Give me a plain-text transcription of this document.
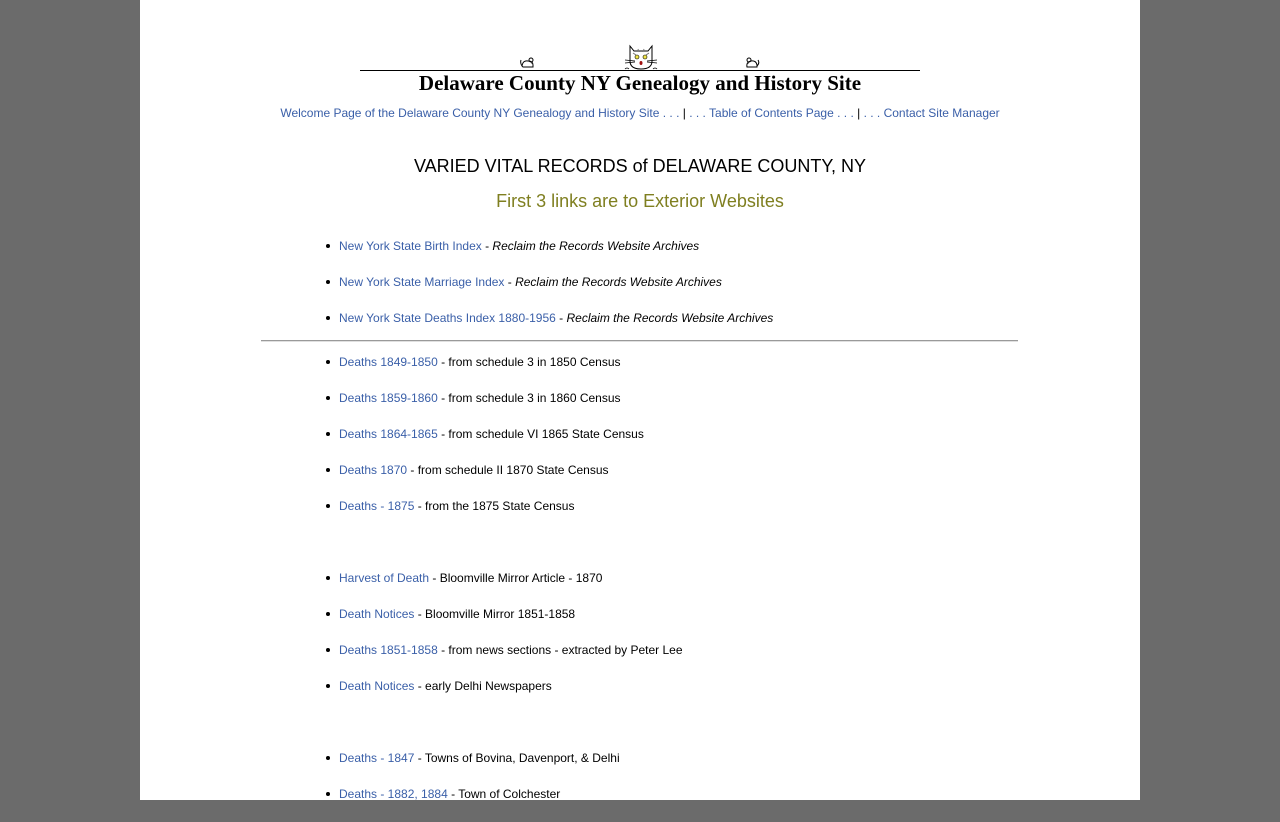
Delaware County NY Genealogy and History Site
Welcome Page of the Delaware County NY Genealogy and History Site . . . | . . . Table of Contents Page . . . | . . . Contact Site Manager
VARIED VITAL RECORDS of DELAWARE COUNTY, NY
First 3 links are to Exterior Websites
New York State Birth Index - Reclaim the Records Website Archives
New York State Marriage Index - Reclaim the Records Website Archives
New York State Deaths Index 1880-1956 - Reclaim the Records Website Archives
Deaths 1849-1850 - from schedule 3 in 1850 Census
Deaths 1859-1860 - from schedule 3 in 1860 Census
Deaths 1864-1865 - from schedule VI 1865 State Census
Deaths 1870 - from schedule II 1870 State Census
Deaths - 1875 - from the 1875 State Census
Harvest of Death - Bloomville Mirror Article - 1870
Death Notices - Bloomville Mirror 1851-1858
Deaths 1851-1858 - from news sections - extracted by Peter Lee
Death Notices - early Delhi Newspapers
Deaths - 1847 - Towns of Bovina, Davenport, & Delhi
Deaths - 1882, 1884 - Town of Colchester
